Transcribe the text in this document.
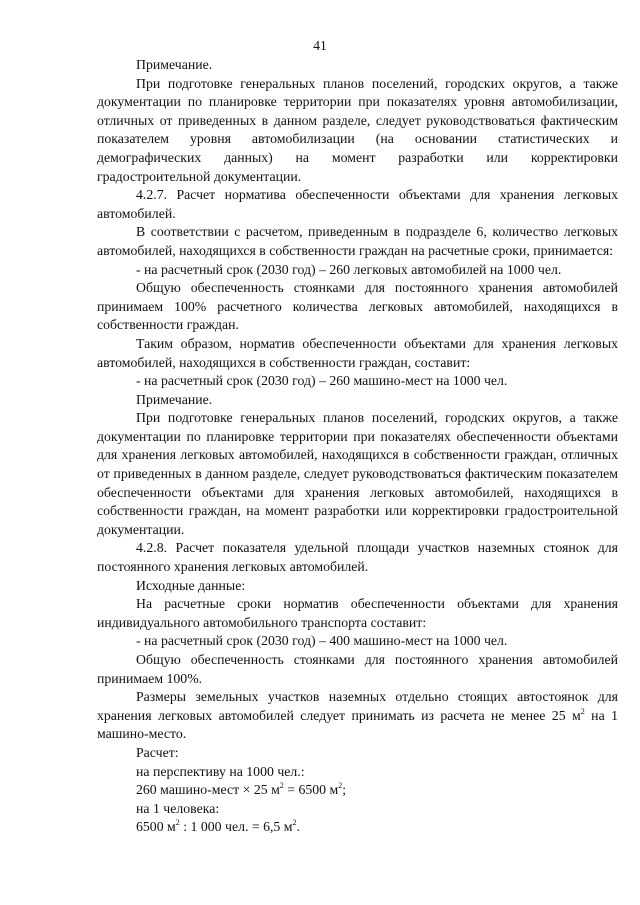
41

Примечание.

При подготовке генеральных планов поселений, городских округов, а также документации по планировке территории при показателях уровня автомобилизации, отличных от приведенных в данном разделе, следует руководствоваться фактическим показателем уровня автомобилизации (на основании статистических и демографических данных) на момент разработки или корректировки градостроительной документации.

4.2.7. Расчет норматива обеспеченности объектами для хранения легковых автомобилей.

В соответствии с расчетом, приведенным в подразделе 6, количество легковых автомобилей, находящихся в собственности граждан на расчетные сроки, принимается:

- на расчетный срок (2030 год) – 260 легковых автомобилей на 1000 чел.

Общую обеспеченность стоянками для постоянного хранения автомобилей принимаем 100% расчетного количества легковых автомобилей, находящихся в собственности граждан.

Таким образом, норматив обеспеченности объектами для хранения легковых автомобилей, находящихся в собственности граждан, составит:

- на расчетный срок (2030 год) – 260 машино-мест на 1000 чел.

Примечание.

При подготовке генеральных планов поселений, городских округов, а также документации по планировке территории при показателях обеспеченности объектами для хранения легковых автомобилей, находящихся в собственности граждан, отличных от приведенных в данном разделе, следует руководствоваться фактическим показателем обеспеченности объектами для хранения легковых автомобилей, находящихся в собственности граждан, на момент разработки или корректировки градостроительной документации.

4.2.8. Расчет показателя удельной площади участков наземных стоянок для постоянного хранения легковых автомобилей.

Исходные данные:

На расчетные сроки норматив обеспеченности объектами для хранения индивидуального автомобильного транспорта составит:

- на расчетный срок (2030 год) – 400 машино-мест на 1000 чел.

Общую обеспеченность стоянками для постоянного хранения автомобилей принимаем 100%.

Размеры земельных участков наземных отдельно стоящих автостоянок для хранения легковых автомобилей следует принимать из расчета не менее 25 $м^2$ на 1 машино-место.

Расчет:

на перспективу на 1000 чел.:

260 машино-мест × 25 $м^2 = 6500$ $м^2$;

на 1 человека:

6500 $м^2$ : 1 000 чел. = 6,5 $м^2$.
